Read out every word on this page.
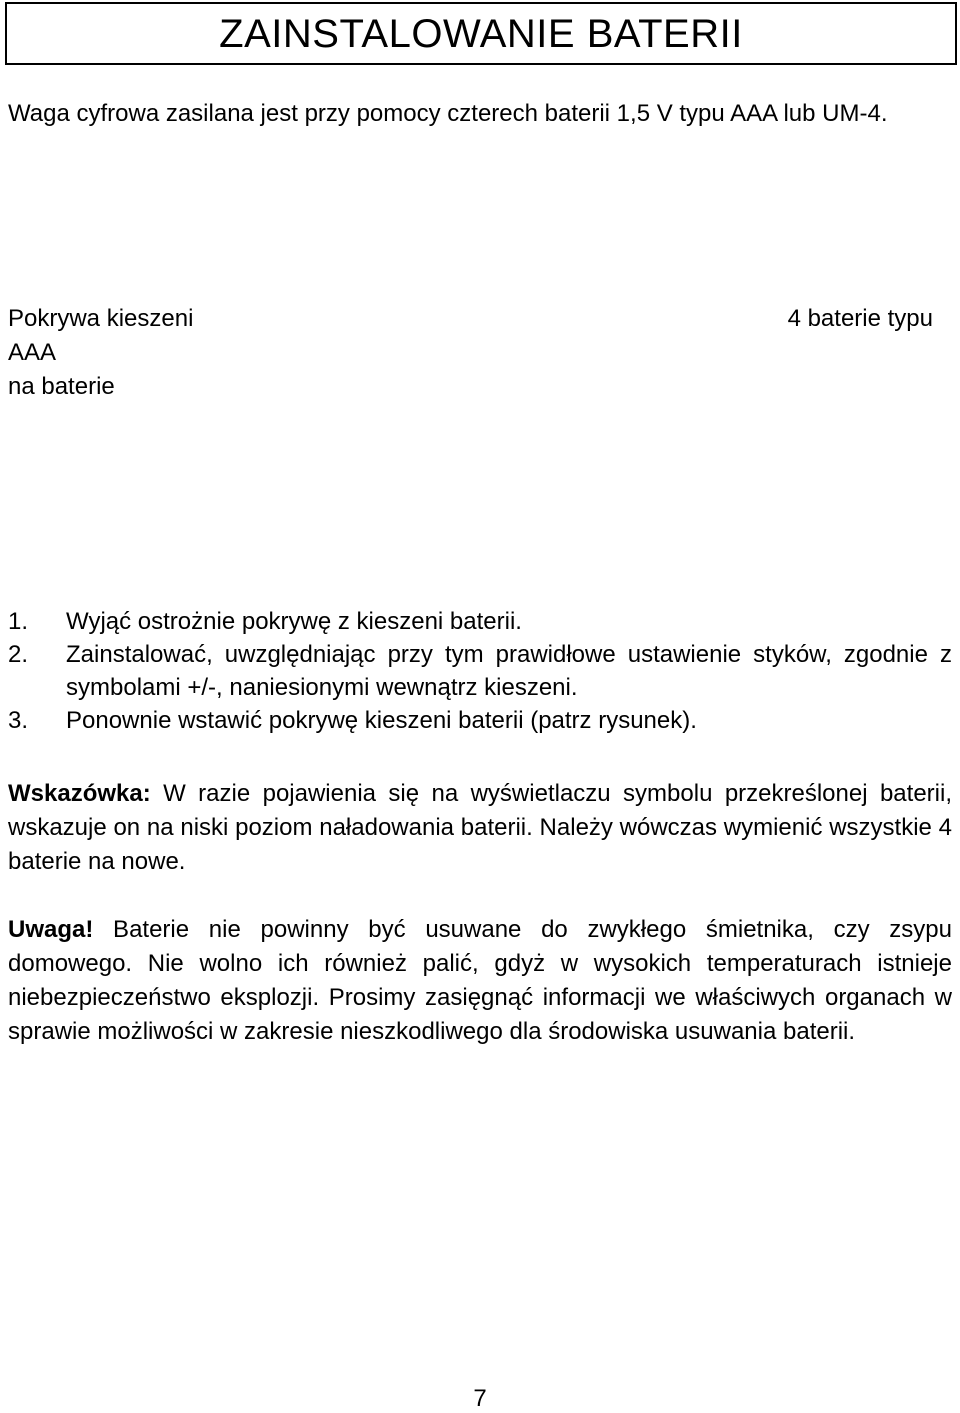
ZAINSTALOWANIE BATERII

Waga cyfrowa zasilana jest przy pomocy czterech baterii 1,5 V typu AAA lub UM-4.

Pokrywa kieszeni
AAA
na baterie
4 baterie typu
1.	Wyjąć ostrożnie pokrywę z kieszeni baterii.
2.	Zainstalować, uwzględniając przy tym prawidłowe ustawienie styków, zgodnie z symbolami +/-, naniesionymi wewnątrz kieszeni.
3.	Ponownie wstawić pokrywę kieszeni baterii (patrz rysunek).

Wskazówka: W razie pojawienia się na wyświetlaczu symbolu przekreślonej baterii, wskazuje on na niski poziom naładowania baterii. Należy wówczas wymienić wszystkie 4 baterie na nowe.

Uwaga! Baterie nie powinny być usuwane do zwykłego śmietnika, czy zsypu domowego. Nie wolno ich również palić, gdyż w wysokich temperaturach istnieje niebezpieczeństwo eksplozji. Prosimy zasięgnąć informacji we właściwych organach w sprawie możliwości w zakresie nieszkodliwego dla środowiska usuwania baterii.

7
